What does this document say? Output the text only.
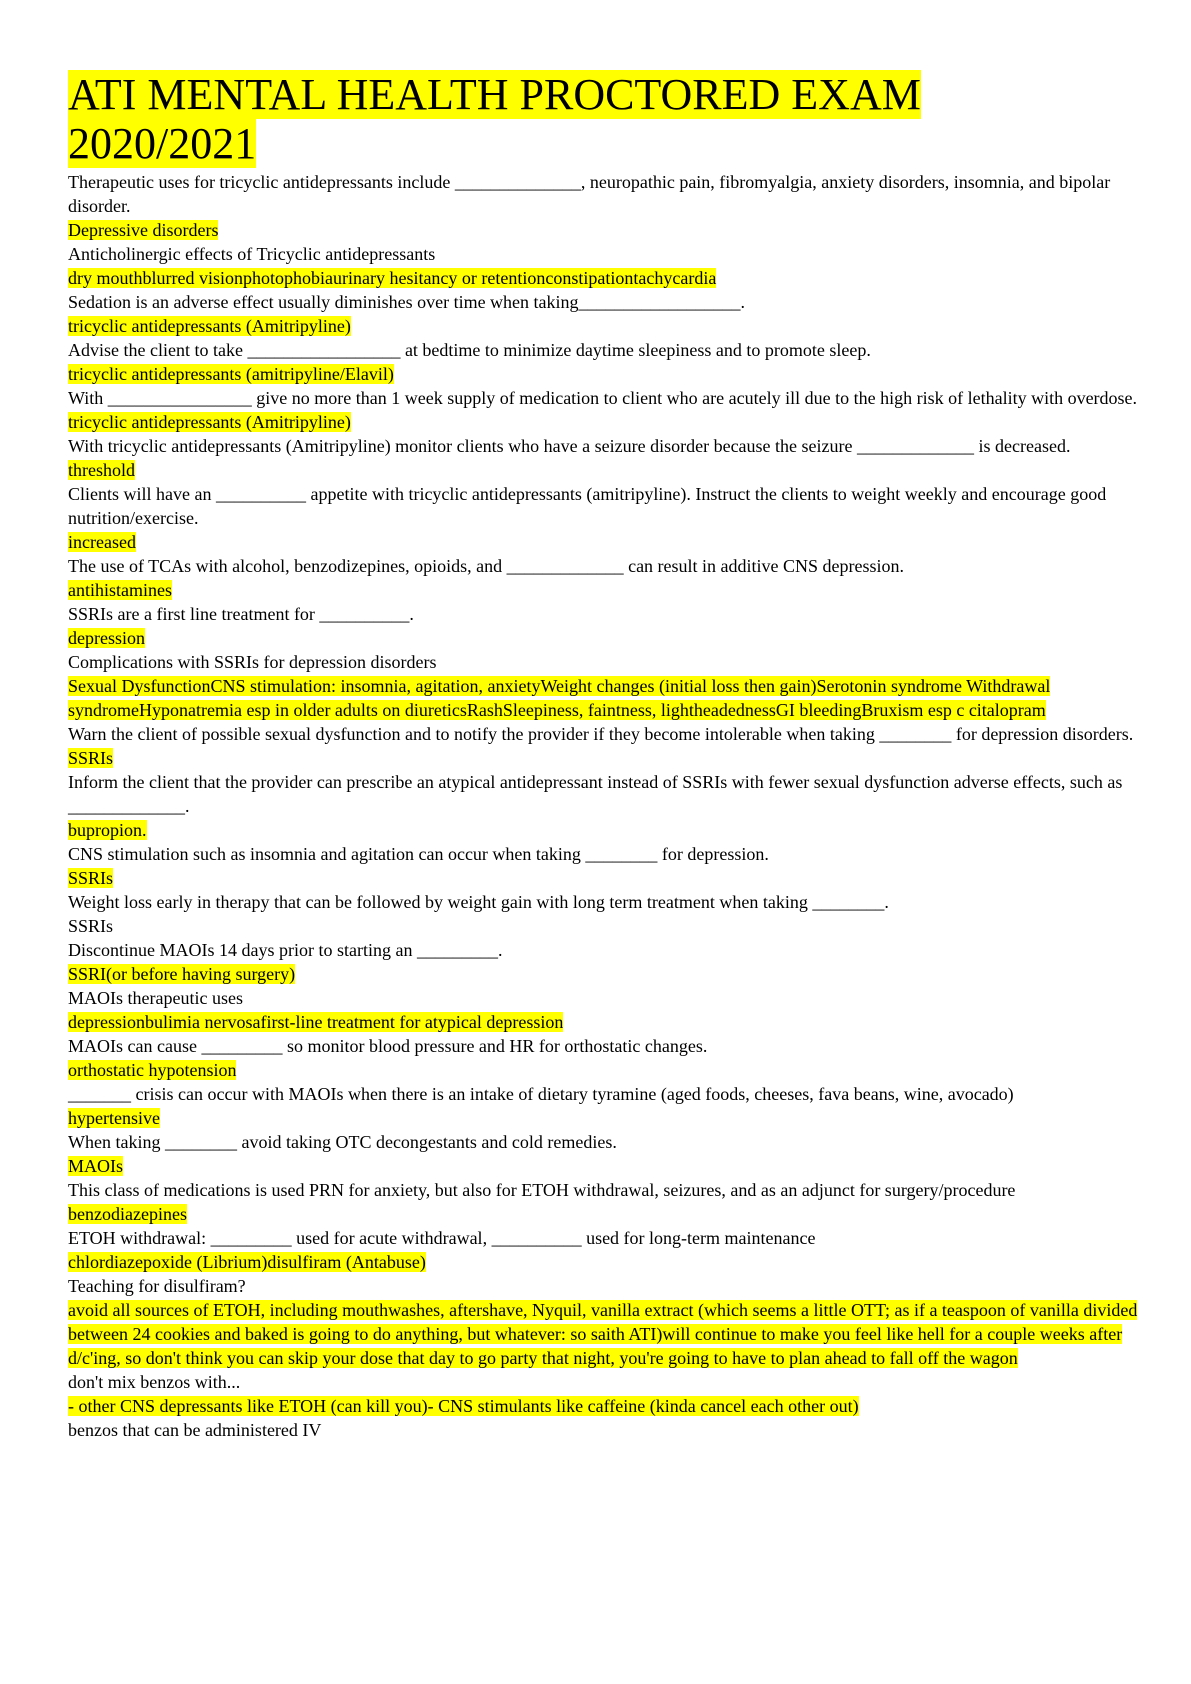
ATI MENTAL HEALTH PROCTORED EXAM
2020/2021

Therapeutic uses for tricyclic antidepressants include ______________, neuropathic pain, fibromyalgia, anxiety disorders, insomnia, and bipolar disorder.

Depressive disorders

Anticholinergic effects of Tricyclic antidepressants

dry mouthblurred visionphotophobiaurinary hesitancy or retentionconstipationtachycardia

Sedation is an adverse effect usually diminishes over time when taking__________________.

tricyclic antidepressants (Amitripyline)

Advise the client to take _________________ at bedtime to minimize daytime sleepiness and to promote sleep.

tricyclic antidepressants (amitripyline/Elavil)

With ________________ give no more than 1 week supply of medication to client who are acutely ill due to the high risk of lethality with overdose.

tricyclic antidepressants (Amitripyline)

With tricyclic antidepressants (Amitripyline) monitor clients who have a seizure disorder because the seizure _____________ is decreased.

threshold

Clients will have an __________ appetite with tricyclic antidepressants (amitripyline). Instruct the clients to weight weekly and encourage good nutrition/exercise.

increased

The use of TCAs with alcohol, benzodizepines, opioids, and _____________ can result in additive CNS depression.

antihistamines

SSRIs are a first line treatment for __________.

depression

Complications with SSRIs for depression disorders

Sexual DysfunctionCNS stimulation: insomnia, agitation, anxietyWeight changes (initial loss then gain)Serotonin syndrome Withdrawal syndromeHyponatremia esp in older adults on diureticsRashSleepiness, faintness, lightheadednessGI bleedingBruxism esp c citalopram

Warn the client of possible sexual dysfunction and to notify the provider if they become intolerable when taking ________ for depression disorders.

SSRIs

Inform the client that the provider can prescribe an atypical antidepressant instead of SSRIs with fewer sexual dysfunction adverse effects, such as _____________.

bupropion.

CNS stimulation such as insomnia and agitation can occur when taking ________ for depression.

SSRIs

Weight loss early in therapy that can be followed by weight gain with long term treatment when taking ________.

SSRIs

Discontinue MAOIs 14 days prior to starting an _________.

SSRI(or before having surgery)

MAOIs therapeutic uses

depressionbulimia nervosafirst-line treatment for atypical depression

MAOIs can cause _________ so monitor blood pressure and HR for orthostatic changes.

orthostatic hypotension

_______ crisis can occur with MAOIs when there is an intake of dietary tyramine (aged foods, cheeses, fava beans, wine, avocado)

hypertensive

When taking ________ avoid taking OTC decongestants and cold remedies.

MAOIs

This class of medications is used PRN for anxiety, but also for ETOH withdrawal, seizures, and as an adjunct for surgery/procedure

benzodiazepines

ETOH withdrawal: _________ used for acute withdrawal, __________ used for long-term maintenance

chlordiazepoxide (Librium)disulfiram (Antabuse)

Teaching for disulfiram?

avoid all sources of ETOH, including mouthwashes, aftershave, Nyquil, vanilla extract (which seems a little OTT; as if a teaspoon of vanilla divided between 24 cookies and baked is going to do anything, but whatever: so saith ATI)will continue to make you feel like hell for a couple weeks after d/c'ing, so don't think you can skip your dose that day to go party that night, you're going to have to plan ahead to fall off the wagon

don't mix benzos with...

- other CNS depressants like ETOH (can kill you)- CNS stimulants like caffeine (kinda cancel each other out)

benzos that can be administered IV
